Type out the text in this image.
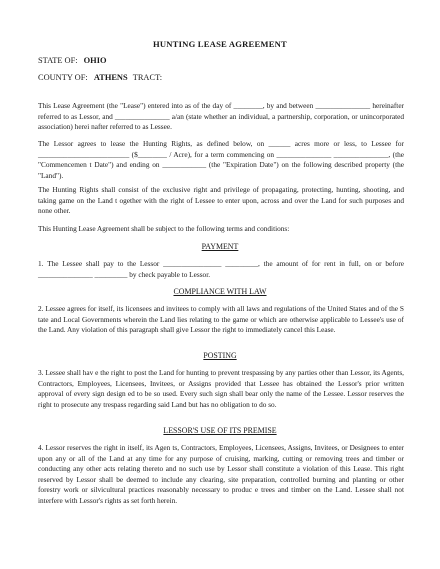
HUNTING LEASE AGREEMENT
STATE OF: OHIO
COUNTY OF: ATHENS TRACT:
This Lease Agreement (the "Lease") entered into as of the day of ________, by and between _______________ hereinafter referred to as Lessor, and _______________ a/an (state whether an individual, a partnership, corporation, or unincorporated association) herei nafter referred to as Lessee.
The Lessor agrees to lease the Hunting Rights, as defined below, on ______ acres more or less, to Lessee for _________________________ ($________ / Acre), for a term commencing on _______________ _______________, (the "Commencemen t Date") and ending on ____________ (the "Expiration Date") on the following described property (the "Land").
The Hunting Rights shall consist of the exclusive right and privilege of propagating, protecting, hunting, shooting, and taking game on the Land t ogether with the right of Lessee to enter upon, across and over the Land for such purposes and none other.
This Hunting Lease Agreement shall be subject to the following terms and conditions:
PAYMENT
1. The Lessee shall pay to the Lessor ________________ _________, the amount of for rent in full, on or before _______________ _________ by check payable to Lessor.
COMPLIANCE WITH LAW
2. Lessee agrees for itself, its licensees and invitees to comply with all laws and regulations of the United States and of the S tate and Local Governments wherein the Land lies relating to the game or which are otherwise applicable to Lessee's use of the Land. Any violation of this paragraph shall give Lessor the right to immediately cancel this Lease.
POSTING
3. Lessee shall hav e the right to post the Land for hunting to prevent trespassing by any parties other than Lessor, its Agents, Contractors, Employees, Licensees, Invitees, or Assigns provided that Lessee has obtained the Lessor's prior written approval of every sign design ed to be so used. Every such sign shall bear only the name of the Lessee. Lessor reserves the right to prosecute any trespass regarding said Land but has no obligation to do so.
LESSOR'S USE OF ITS PREMISE
4. Lessor reserves the right in itself, its Agen ts, Contractors, Employees, Licensees, Assigns, Invitees, or Designees to enter upon any or all of the Land at any time for any purpose of cruising, marking, cutting or removing trees and timber or conducting any other acts relating thereto and no such use by Lessor shall constitute a violation of this Lease. This right reserved by Lessor shall be deemed to include any clearing, site preparation, controlled burning and planting or other forestry work or silvicultural practices reasonably necessary to produc e trees and timber on the Land. Lessee shall not interfere with Lessor's rights as set forth herein.
